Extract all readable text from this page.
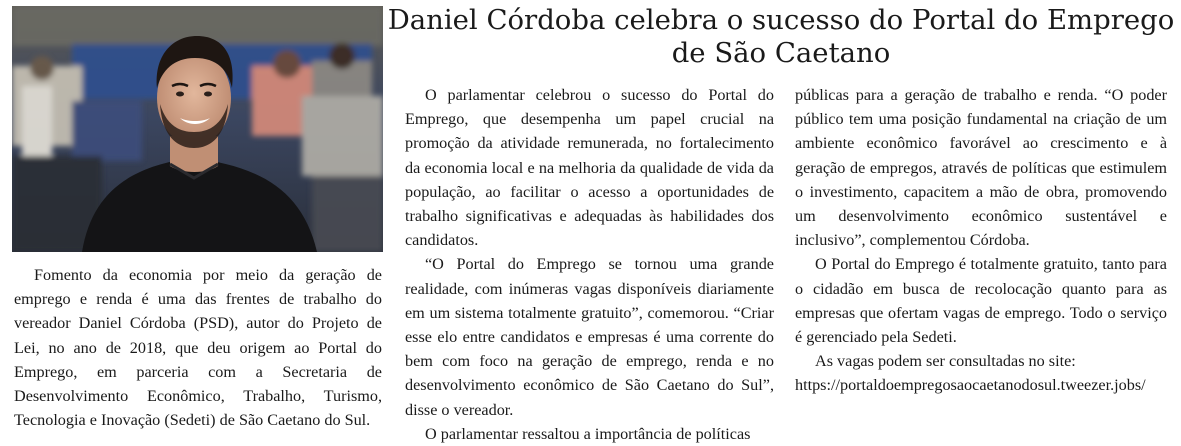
Daniel Córdoba celebra o sucesso do Portal do Emprego de São Caetano

Fomento da economia por meio da geração de emprego e renda é uma das frentes de trabalho do vereador Daniel Córdoba (PSD), autor do Projeto de Lei, no ano de 2018, que deu origem ao Portal do Emprego, em parceria com a Secretaria de Desenvolvimento Econômico, Trabalho, Turismo, Tecnologia e Inovação (Sedeti) de São Caetano do Sul.

O parlamentar celebrou o sucesso do Portal do Emprego, que desempenha um papel crucial na promoção da atividade remunerada, no fortalecimento da economia local e na melhoria da qualidade de vida da população, ao facilitar o acesso a oportunidades de trabalho significativas e adequadas às habilidades dos candidatos.

“O Portal do Emprego se tornou uma grande realidade, com inúmeras vagas disponíveis diariamente em um sistema totalmente gratuito”, comemorou. “Criar esse elo entre candidatos e empresas é uma corrente do bem com foco na geração de emprego, renda e no desenvolvimento econômico de São Caetano do Sul”, disse o vereador.

O parlamentar ressaltou a importância de políticas

públicas para a geração de trabalho e renda. “O poder público tem uma posição fundamental na criação de um ambiente econômico favorável ao crescimento e à geração de empregos, através de políticas que estimulem o investimento, capacitem a mão de obra, promovendo um desenvolvimento econômico sustentável e inclusivo”, complementou Córdoba.

O Portal do Emprego é totalmente gratuito, tanto para o cidadão em busca de recolocação quanto para as empresas que ofertam vagas de emprego. Todo o serviço é gerenciado pela Sedeti.

As vagas podem ser consultadas no site:

https://portaldoempregosaocaetanodosul.tweezer.jobs/
